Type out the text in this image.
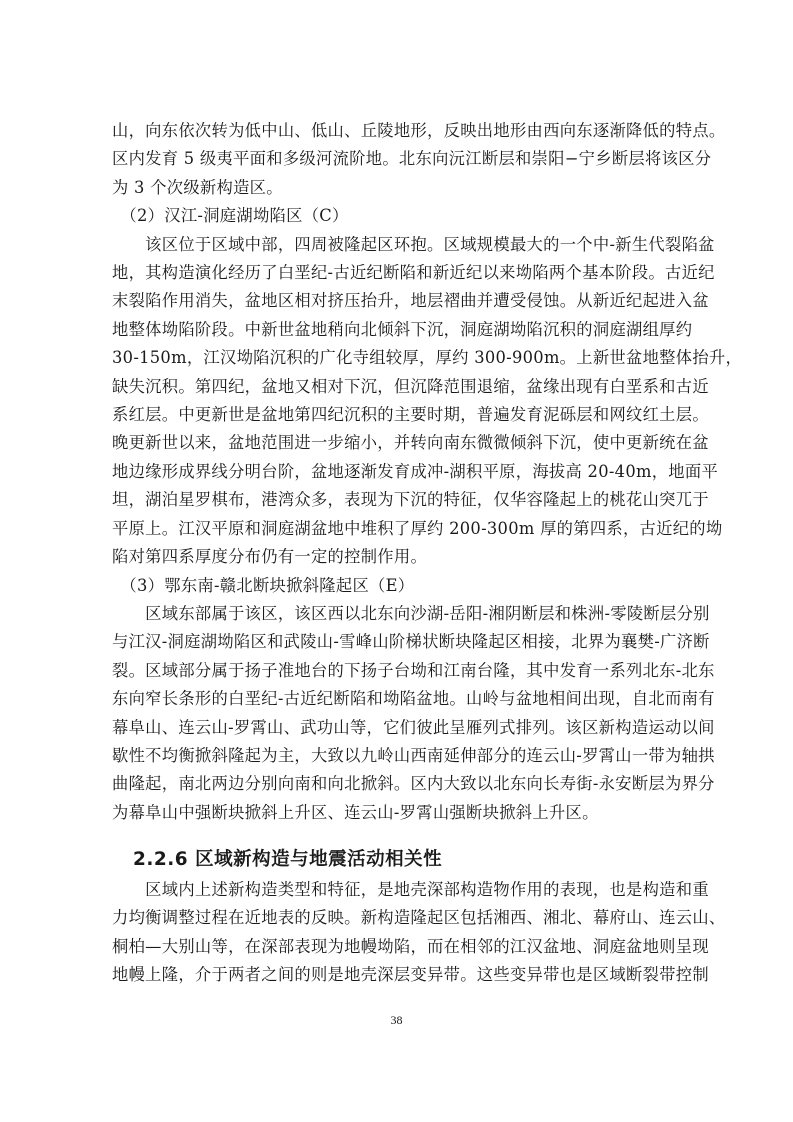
山，向东依次转为低中山、低山、丘陵地形，反映出地形由西向东逐渐降低的特点。
区内发育 5 级夷平面和多级河流阶地。北东向沅江断层和崇阳−宁乡断层将该区分
为 3 个次级新构造区。
　（2）汉江-洞庭湖坳陷区（C）
　　该区位于区域中部，四周被隆起区环抱。区域规模最大的一个中-新生代裂陷盆
地，其构造演化经历了白垩纪-古近纪断陷和新近纪以来坳陷两个基本阶段。古近纪
末裂陷作用消失，盆地区相对挤压抬升，地层褶曲并遭受侵蚀。从新近纪起进入盆
地整体坳陷阶段。中新世盆地稍向北倾斜下沉，洞庭湖坳陷沉积的洞庭湖组厚约
30-150m，江汉坳陷沉积的广化寺组较厚，厚约 300-900m。上新世盆地整体抬升，
缺失沉积。第四纪，盆地又相对下沉，但沉降范围退缩，盆缘出现有白垩系和古近
系红层。中更新世是盆地第四纪沉积的主要时期，普遍发育泥砾层和网纹红土层。
晚更新世以来，盆地范围进一步缩小，并转向南东微微倾斜下沉，使中更新统在盆
地边缘形成界线分明台阶，盆地逐渐发育成冲-湖积平原，海拔高 20-40m，地面平
坦，湖泊星罗棋布，港湾众多，表现为下沉的特征，仅华容隆起上的桃花山突兀于
平原上。江汉平原和洞庭湖盆地中堆积了厚约 200-300m 厚的第四系，古近纪的坳
陷对第四系厚度分布仍有一定的控制作用。
　（3）鄂东南-赣北断块掀斜隆起区（E）
　　区域东部属于该区，该区西以北东向沙湖-岳阳-湘阴断层和株洲-零陵断层分别
与江汉-洞庭湖坳陷区和武陵山-雪峰山阶梯状断块隆起区相接，北界为襄樊-广济断
裂。区域部分属于扬子准地台的下扬子台坳和江南台隆，其中发育一系列北东-北东
东向窄长条形的白垩纪-古近纪断陷和坳陷盆地。山岭与盆地相间出现，自北而南有
幕阜山、连云山-罗霄山、武功山等，它们彼此呈雁列式排列。该区新构造运动以间
歇性不均衡掀斜隆起为主，大致以九岭山西南延伸部分的连云山-罗霄山一带为轴拱
曲隆起，南北两边分别向南和向北掀斜。区内大致以北东向长寿街-永安断层为界分
为幕阜山中强断块掀斜上升区、连云山-罗霄山强断块掀斜上升区。
2.2.6 区域新构造与地震活动相关性
　　区域内上述新构造类型和特征，是地壳深部构造物作用的表现，也是构造和重
力均衡调整过程在近地表的反映。新构造隆起区包括湘西、湘北、幕府山、连云山、
桐柏—大别山等，在深部表现为地幔坳陷，而在相邻的江汉盆地、洞庭盆地则呈现
地幔上隆，介于两者之间的则是地壳深层变异带。这些变异带也是区域断裂带控制
38
